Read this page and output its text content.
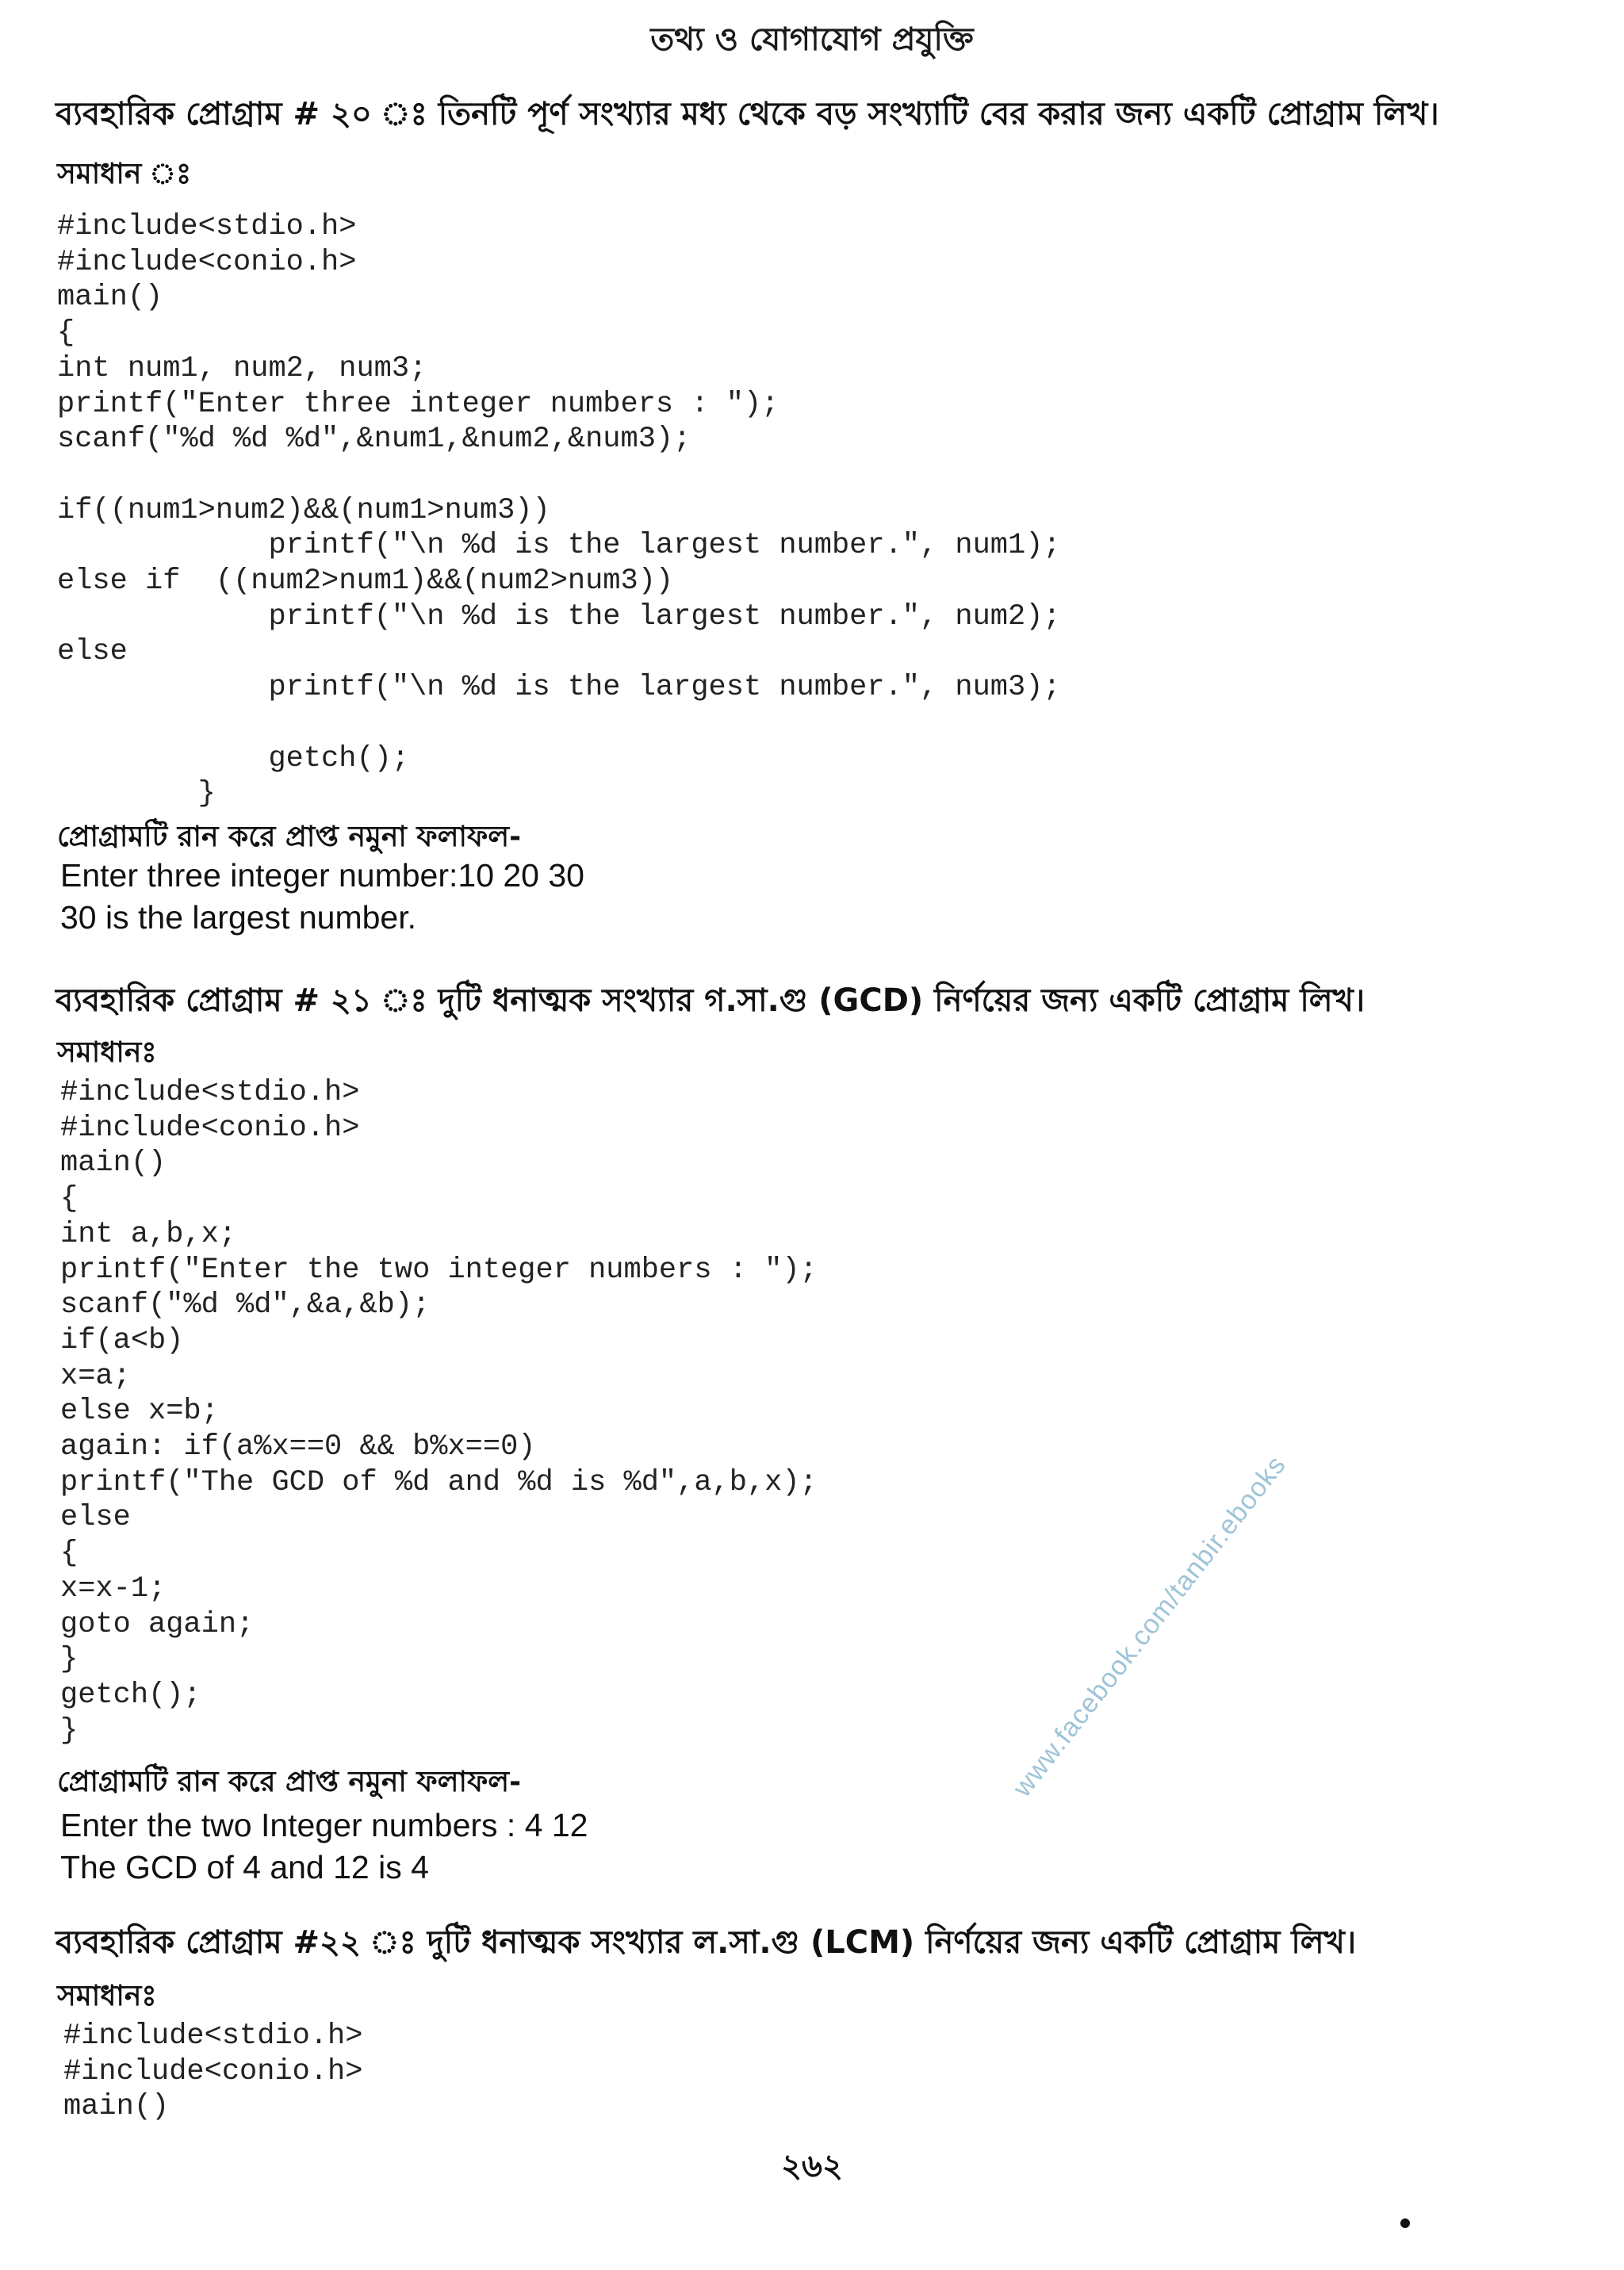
তথ্য ও যোগাযোগ প্রযুক্তি
ব্যবহারিক প্রোগ্রাম # ২০ ঃ তিনটি পূর্ণ সংখ্যার মধ্য থেকে বড় সংখ্যাটি বের করার জন্য একটি প্রোগ্রাম লিখ।
সমাধান ঃ
#include<stdio.h>
#include<conio.h>
main()
{
int num1, num2, num3;
printf("Enter three integer numbers : ");
scanf("%d %d %d",&num1,&num2,&num3);

if((num1>num2)&&(num1>num3))
printf("\n %d is the largest number.", num1);
else if  ((num2>num1)&&(num2>num3))
printf("\n %d is the largest number.", num2);
else
printf("\n %d is the largest number.", num3);

getch();
}
প্রোগ্রামটি রান করে প্রাপ্ত নমুনা ফলাফল-
Enter three integer number:10 20 30
30 is the largest number.
ব্যবহারিক প্রোগ্রাম # ২১ ঃ দুটি ধনাত্মক সংখ্যার গ.সা.গু (GCD) নির্ণয়ের জন্য একটি প্রোগ্রাম লিখ।
সমাধানঃ
#include<stdio.h>
#include<conio.h>
main()
{
int a,b,x;
printf("Enter the two integer numbers : ");
scanf("%d %d",&a,&b);
if(a<b)
x=a;
else x=b;
again: if(a%x==0 && b%x==0)
printf("The GCD of %d and %d is %d",a,b,x);
else
{
x=x-1;
goto again;
}
getch();
}
প্রোগ্রামটি রান করে প্রাপ্ত নমুনা ফলাফল-
Enter the two Integer numbers : 4 12
The GCD of 4 and 12 is 4
ব্যবহারিক প্রোগ্রাম #২২ ঃ দুটি ধনাত্মক সংখ্যার ল.সা.গু (LCM) নির্ণয়ের জন্য একটি প্রোগ্রাম লিখ।
সমাধানঃ
#include<stdio.h>
#include<conio.h>
main()
www.facebook.com/tanbir.ebooks
২৬২
